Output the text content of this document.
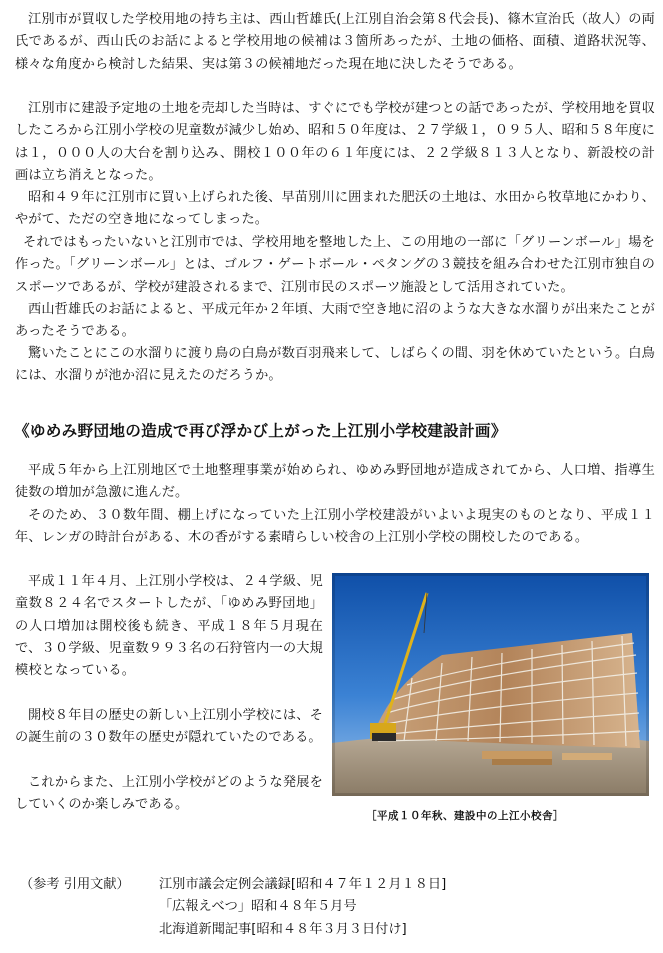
江別市が買収した学校用地の持ち主は、西山哲雄氏(上江別自治会第８代会長)、篠木宣治氏（故人）の両氏であるが、西山氏のお話によると学校用地の候補は３箇所あったが、土地の価格、面積、道路状況等、様々な角度から検討した結果、実は第３の候補地だった現在地に決したそうである。

江別市に建設予定地の土地を売却した当時は、すぐにでも学校が建つとの話であったが、学校用地を買収したころから江別小学校の児童数が減少し始め、昭和５０年度は、２７学級１，０９５人、昭和５８年度には１，０００人の大台を割り込み、開校１００年の６１年度には、２２学級８１３人となり、新設校の計画は立ち消えとなった。

昭和４９年に江別市に買い上げられた後、早苗別川に囲まれた肥沃の土地は、水田から牧草地にかわり、やがて、ただの空き地になってしまった。

それではもったいないと江別市では、学校用地を整地した上、この用地の一部に「グリーンボール」場を作った。「グリーンボール」とは、ゴルフ・ゲートボール・ペタングの３競技を組み合わせた江別市独自のスポーツであるが、学校が建設されるまで、江別市民のスポーツ施設として活用されていた。

西山哲雄氏のお話によると、平成元年か２年頃、大雨で空き地に沼のような大きな水溜りが出来たことがあったそうである。

驚いたことにこの水溜りに渡り鳥の白鳥が数百羽飛来して、しばらくの間、羽を休めていたという。白鳥には、水溜りが池か沼に見えたのだろうか。

《ゆめみ野団地の造成で再び浮かび上がった上江別小学校建設計画》

平成５年から上江別地区で土地整理事業が始められ、ゆめみ野団地が造成されてから、人口増、指導生徒数の増加が急激に進んだ。

そのため、３０数年間、棚上げになっていた上江別小学校建設がいよいよ現実のものとなり、平成１１年、レンガの時計台がある、木の香がする素晴らしい校舎の上江別小学校の開校したのである。

平成１１年４月、上江別小学校は、２４学級、児童数８２４名でスタートしたが、「ゆめみ野団地」の人口増加は開校後も続き、平成１８年５月現在で、３０学級、児童数９９３名の石狩管内一の大規模校となっている。

開校８年目の歴史の新しい上江別小学校には、その誕生前の３０数年の歴史が隠れていたのである。

これからまた、上江別小学校がどのような発展をしていくのか楽しみである。

［平成１０年秋、建設中の上江小校舎］

（参考 引用文献） 江別市議会定例会議録[昭和４７年１２月１８日]
「広報えべつ」昭和４８年５月号
北海道新聞記事[昭和４８年３月３日付け]
